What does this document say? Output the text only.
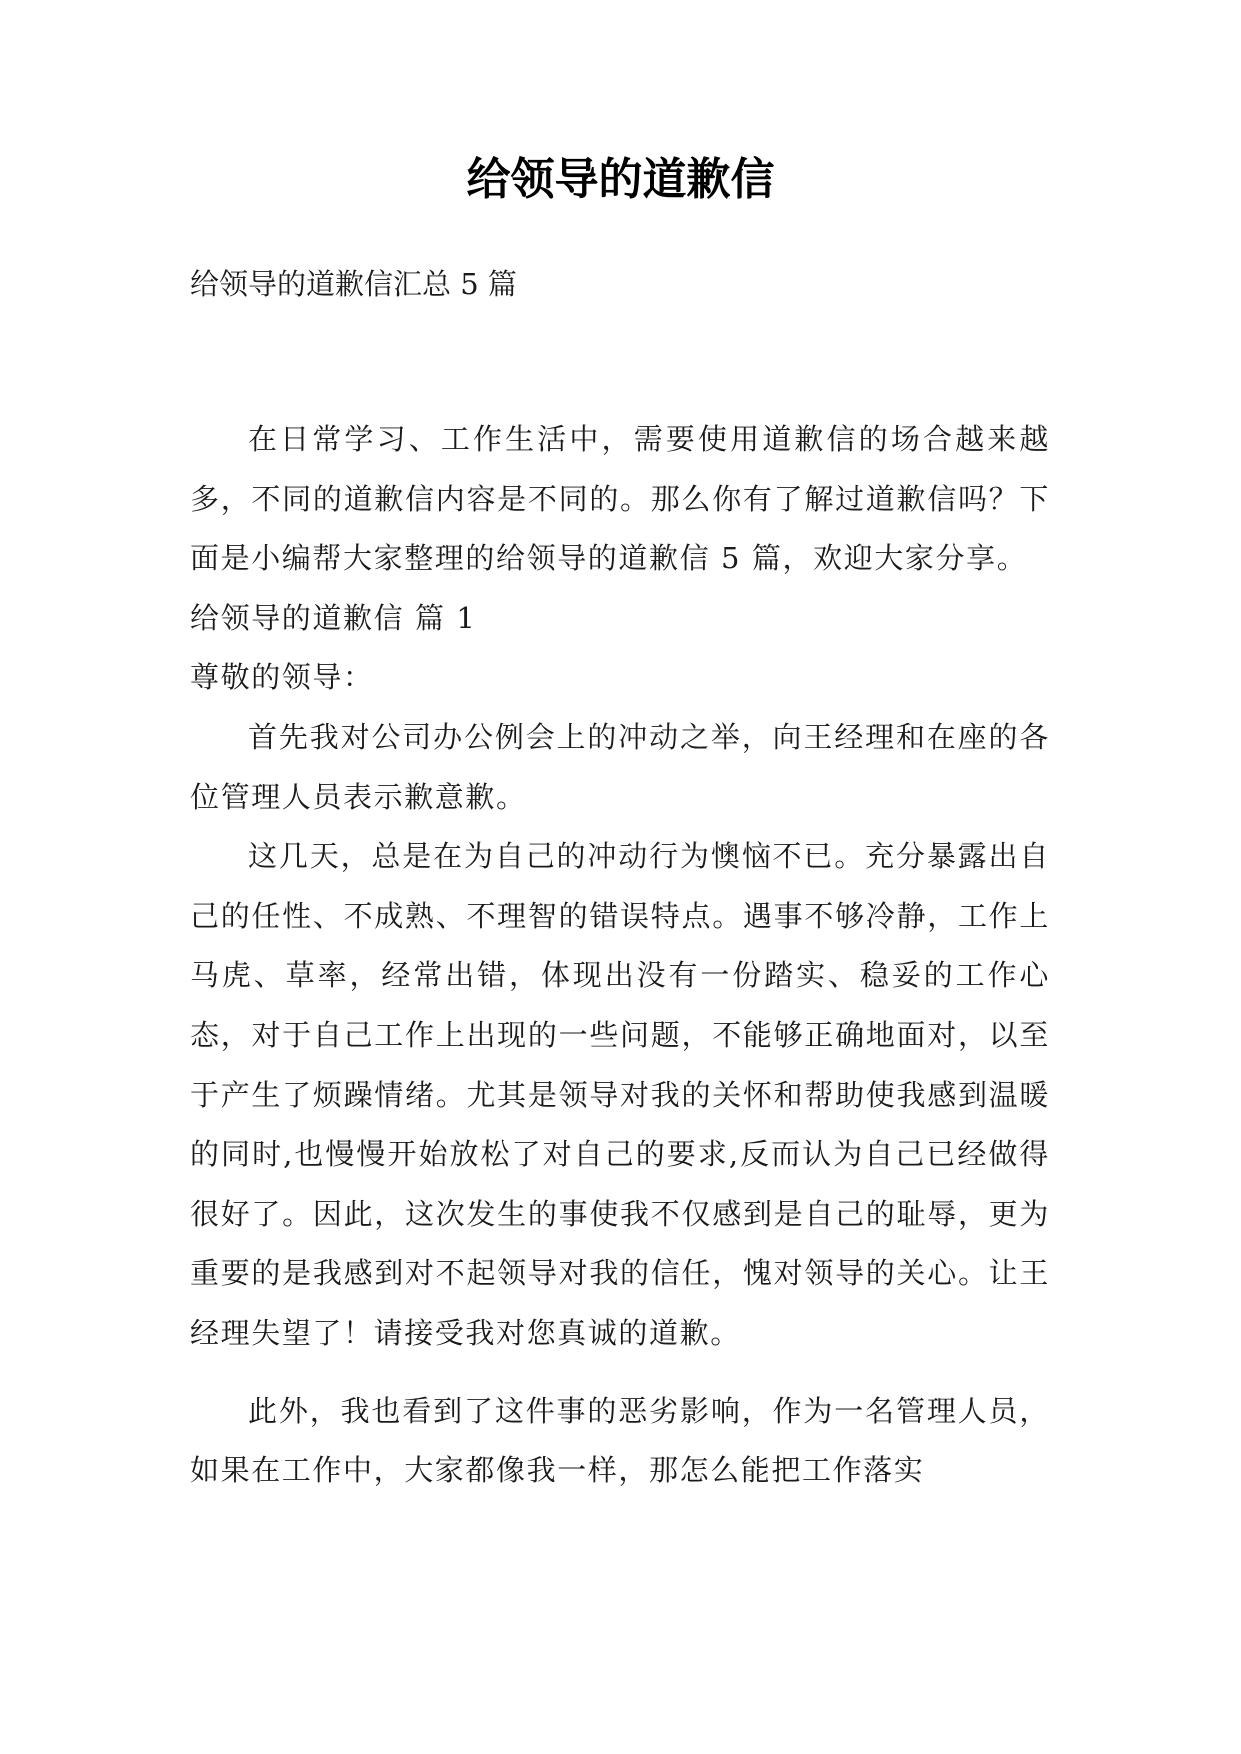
给领导的道歉信

给领导的道歉信汇总 5 篇

在日常学习、工作生活中，需要使用道歉信的场合越来越多，不同的道歉信内容是不同的。那么你有了解过道歉信吗？下面是小编帮大家整理的给领导的道歉信 5 篇，欢迎大家分享。

给领导的道歉信 篇 1

尊敬的领导：

首先我对公司办公例会上的冲动之举，向王经理和在座的各位管理人员表示歉意歉。

这几天，总是在为自己的冲动行为懊恼不已。充分暴露出自己的任性、不成熟、不理智的错误特点。遇事不够冷静，工作上马虎、草率，经常出错，体现出没有一份踏实、稳妥的工作心态，对于自己工作上出现的一些问题，不能够正确地面对，以至于产生了烦躁情绪。尤其是领导对我的关怀和帮助使我感到温暖的同时,也慢慢开始放松了对自己的要求,反而认为自己已经做得很好了。因此，这次发生的事使我不仅感到是自己的耻辱，更为重要的是我感到对不起领导对我的信任，愧对领导的关心。让王经理失望了！请接受我对您真诚的道歉。

此外，我也看到了这件事的恶劣影响，作为一名管理人员，如果在工作中，大家都像我一样，那怎么能把工作落实
